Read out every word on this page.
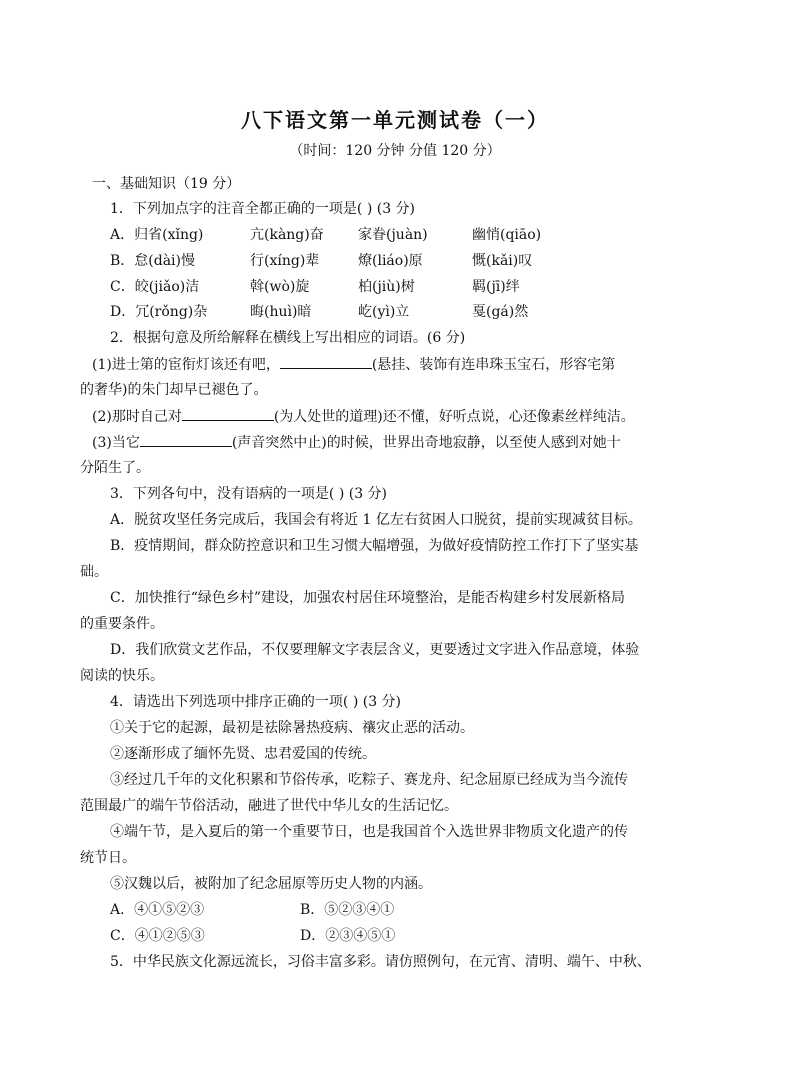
八下语文第一单元测试卷（一）
（时间：120 分钟 分值 120 分）
一、基础知识（19 分）
1．下列加点字的注音全都正确的一项是( ) (3 分)
A．归省(xǐng)	亢(kàng)奋 家眷(juàn)	幽悄(qiāo)
B．怠(dài)慢	行(xíng)辈	燎(liáo)原	慨(kǎi)叹
C．皎(jiǎo)洁	斡(wò)旋	柏(jiù)树	羁(jī)绊
D．冗(rǒng)杂	晦(huì)暗	屹(yì)立	戛(gá)然
2．根据句意及所给解释在横线上写出相应的词语。(6 分)
(1)进士第的宦衔灯该还有吧，	(悬挂、装饰有连串珠玉宝石，形容宅第
的奢华)的朱门却早已褪色了。
(2)那时自己对	(为人处世的道理)还不懂，好听点说，心还像素丝样纯洁。
(3)当它	(声音突然中止)的时候，世界出奇地寂静，以至使人感到对她十
分陌生了。
3．下列各句中，没有语病的一项是( ) (3 分)
A．脱贫攻坚任务完成后，我国会有将近 1 亿左右贫困人口脱贫，提前实现减贫目标。
B．疫情期间，群众防控意识和卫生习惯大幅增强，为做好疫情防控工作打下了坚实基
础。
C．加快推行“绿色乡村”建设，加强农村居住环境整治，是能否构建乡村发展新格局
的重要条件。
D．我们欣赏文艺作品，不仅要理解文字表层含义，更要透过文字进入作品意境，体验
阅读的快乐。
4．请选出下列选项中排序正确的一项( ) (3 分)
①关于它的起源，最初是祛除暑热疫病、禳灾止恶的活动。
②逐渐形成了缅怀先贤、忠君爱国的传统。
③经过几千年的文化积累和节俗传承，吃粽子、赛龙舟、纪念屈原已经成为当今流传
范围最广的端午节俗活动，融进了世代中华儿女的生活记忆。
④端午节，是入夏后的第一个重要节日，也是我国首个入选世界非物质文化遗产的传
统节日。
⑤汉魏以后，被附加了纪念屈原等历史人物的内涵。
A．④①⑤②③	B．⑤②③④①
C．④①②⑤③	D．②③④⑤①
5．中华民族文化源远流长，习俗丰富多彩。请仿照例句，在元宵、清明、端午、中秋、
